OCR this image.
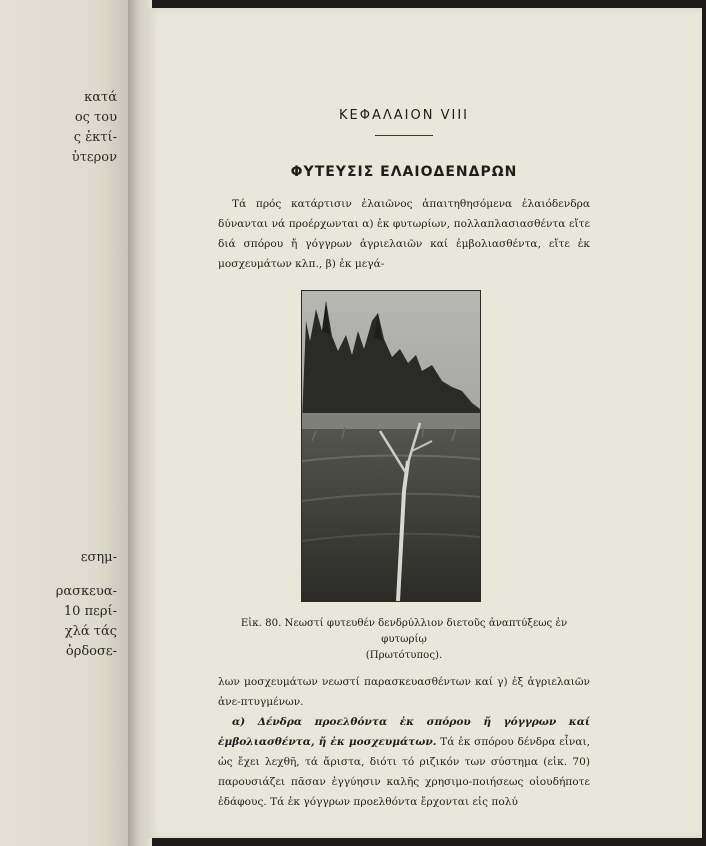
κατά
ος του
ς ἐκτί-
ὑτερον
εσημ-
ρασκευα-
10 περί-
χλά τάς
ὀρδοσε-
ΚΕΦΑΛΑΙΟΝ VIII
ΦΥΤΕΥΣΙΣ ΕΛΑΙΟΔΕΝΔΡΩΝ
Τά πρός κατάρτισιν ἐλαιῶνος ἀπαιτηθησόμενα ἐλαιόδενδρα δύνανται νά προέρχωνται α) ἐκ φυτωρίων, πολλαπλασιασθέντα εἴτε διά σπόρου ἤ γόγγρων ἀγριελαιῶν καί ἐμβολιασθέντα, εἴτε ἐκ μοσχευμάτων κλπ., β) ἐκ μεγά-
Εἰκ. 80. Νεωστί φυτευθέν δενδρύλλιον διετοῦς ἀναπτύξεως ἐν φυτωρίῳ
(Πρωτότυπος).
λων μοσχευμάτων νεωστί παρασκευασθέντων καί γ) ἐξ ἀγριελαιῶν ἀνε-πτυγμένων.
α) Δένδρα προελθόντα ἐκ σπόρου ἤ γόγγρων καί ἐμβολιασθέντα, ἤ ἐκ μοσχευμάτων. Τά ἐκ σπόρου δένδρα εἶναι, ὡς ἔχει λεχθῆ, τά ἄριστα, διότι τό ριζικόν των σύστημα (εἰκ. 70) παρουσιάζει πᾶσαν ἐγγύησιν καλῆς χρησιμο-ποιήσεως οἱουδήποτε ἐδάφους. Τά ἐκ γόγγρων προελθόντα ἔρχονται εἰς πολύ
